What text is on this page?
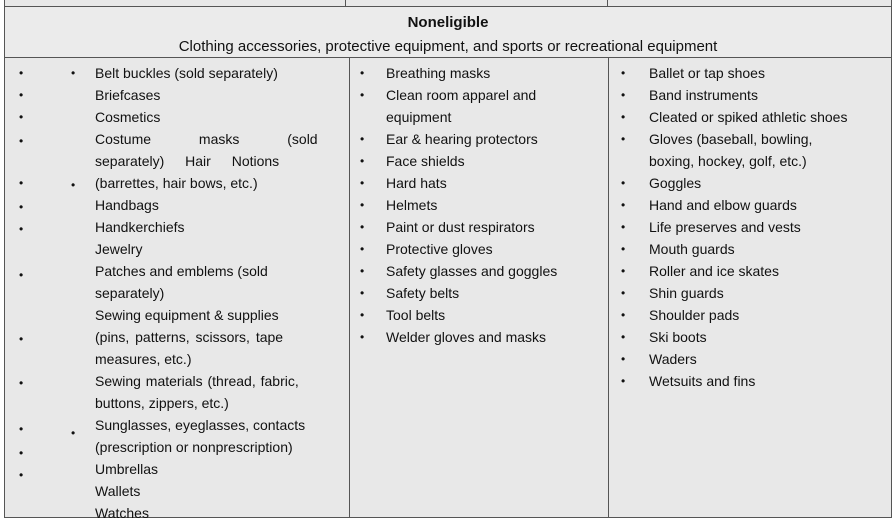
Noneligible
Clothing accessories, protective equipment, and sports or recreational equipment
•
•
•
•
•
•
•
•
•
•
•
•
•
•
•
•
Belt buckles (sold separately)
Briefcases
Cosmetics
Costume masks (sold
separately) Hair Notions
(barrettes, hair bows, etc.)
Handbags
Handkerchiefs
Jewelry
Patches and emblems (sold
separately)
Sewing equipment & supplies
(pins, patterns, scissors, tape
measures, etc.)
Sewing materials (thread, fabric,
buttons, zippers, etc.)
Sunglasses, eyeglasses, contacts
(prescription or nonprescription)
Umbrellas
Wallets
Watches
•
•
•
•
•
•
•
•
•
•
•
•
Breathing masks
Clean room apparel and
equipment
Ear & hearing protectors
Face shields
Hard hats
Helmets
Paint or dust respirators
Protective gloves
Safety glasses and goggles
Safety belts
Tool belts
Welder gloves and masks
•
•
•
•
•
•
•
•
•
•
•
•
•
•
Ballet or tap shoes
Band instruments
Cleated or spiked athletic shoes
Gloves (baseball, bowling,
boxing, hockey, golf, etc.)
Goggles
Hand and elbow guards
Life preserves and vests
Mouth guards
Roller and ice skates
Shin guards
Shoulder pads
Ski boots
Waders
Wetsuits and fins
